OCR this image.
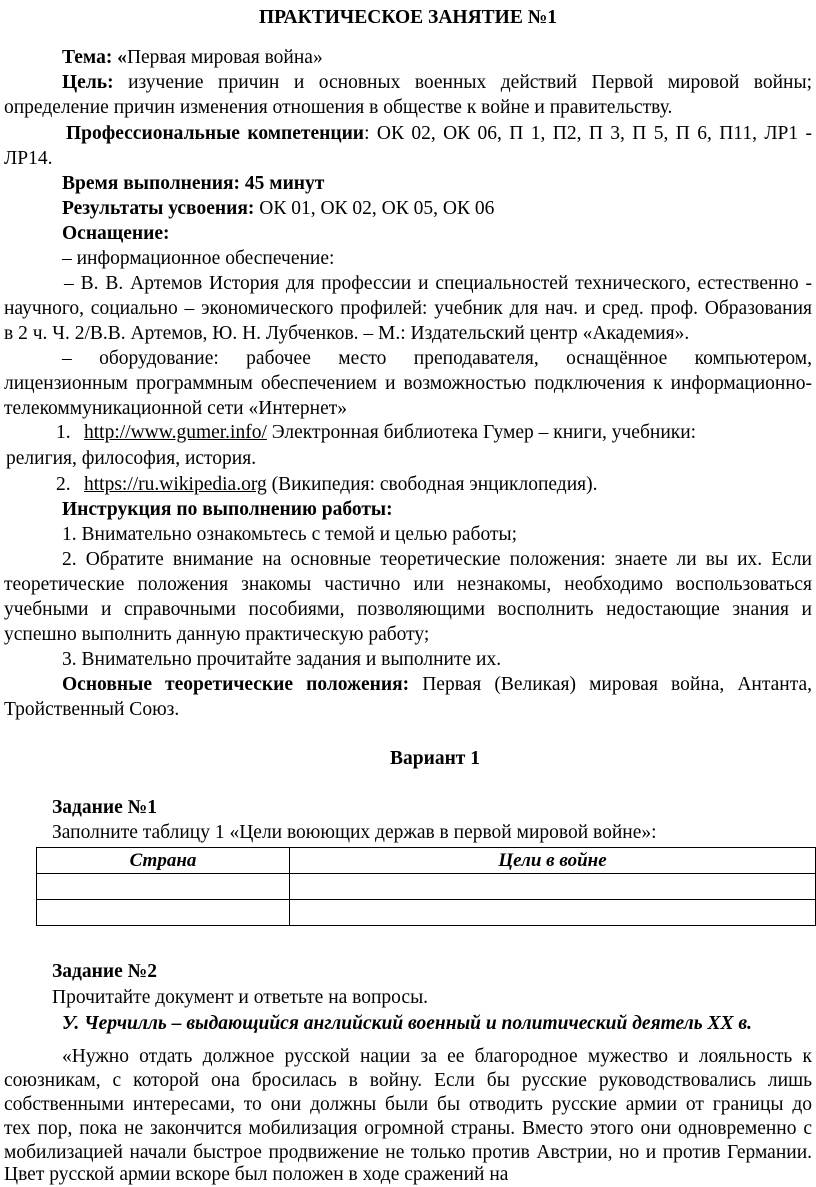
ПРАКТИЧЕСКОЕ ЗАНЯТИЕ №1
Тема: «Первая мировая война»
Цель: изучение причин и основных военных действий Первой мировой войны;
определение причин изменения отношения в обществе к войне и правительству.
Профессиональные компетенции: ОК 02, ОК 06, П 1, П2, П 3, П 5, П 6, П11, ЛР1 -
ЛР14.
Время выполнения: 45 минут
Результаты усвоения: ОК 01, ОК 02, ОК 05, ОК 06
Оснащение:
– информационное обеспечение:
– В. В. Артемов История для профессии и специальностей технического, естественно -
научного, социально – экономического профилей: учебник для нач. и сред. проф. Образования
в 2 ч. Ч. 2/В.В. Артемов, Ю. Н. Лубченков. – М.: Издательский центр «Академия».
– оборудование: рабочее место преподавателя, оснащённое компьютером,
лицензионным программным обеспечением и возможностью подключения к информационно-
телекоммуникационной сети «Интернет»
1. http://www.gumer.info/ Электронная библиотека Гумер – книги, учебники:
религия, философия, история.
2. https://ru.wikipedia.org (Википедия: свободная энциклопедия).
Инструкция по выполнению работы:
1. Внимательно ознакомьтесь с темой и целью работы;
2. Обратите внимание на основные теоретические положения: знаете ли вы их. Если
теоретические положения знакомы частично или незнакомы, необходимо воспользоваться
учебными и справочными пособиями, позволяющими восполнить недостающие знания и
успешно выполнить данную практическую работу;
3. Внимательно прочитайте задания и выполните их.
Основные теоретические положения: Первая (Великая) мировая война, Антанта,
Тройственный Союз.
Вариант 1
Задание №1
Заполните таблицу 1 «Цели воюющих держав в первой мировой войне»:
Страна	Цели в войне

Задание №2
Прочитайте документ и ответьте на вопросы.
У. Черчилль – выдающийся английский военный и политический деятель XX в.
«Нужно отдать должное русской нации за ее благородное мужество и лояльность к
союзникам, с которой она бросилась в войну. Если бы русские руководствовались лишь
собственными интересами, то они должны были бы отводить русские армии от границы до
тех пор, пока не закончится мобилизация огромной страны. Вместо этого они одновременно с
мобилизацией начали быстрое продвижение не только против Австрии, но и против Германии.
Цвет русской армии вскоре был положен в ходе сражений на
